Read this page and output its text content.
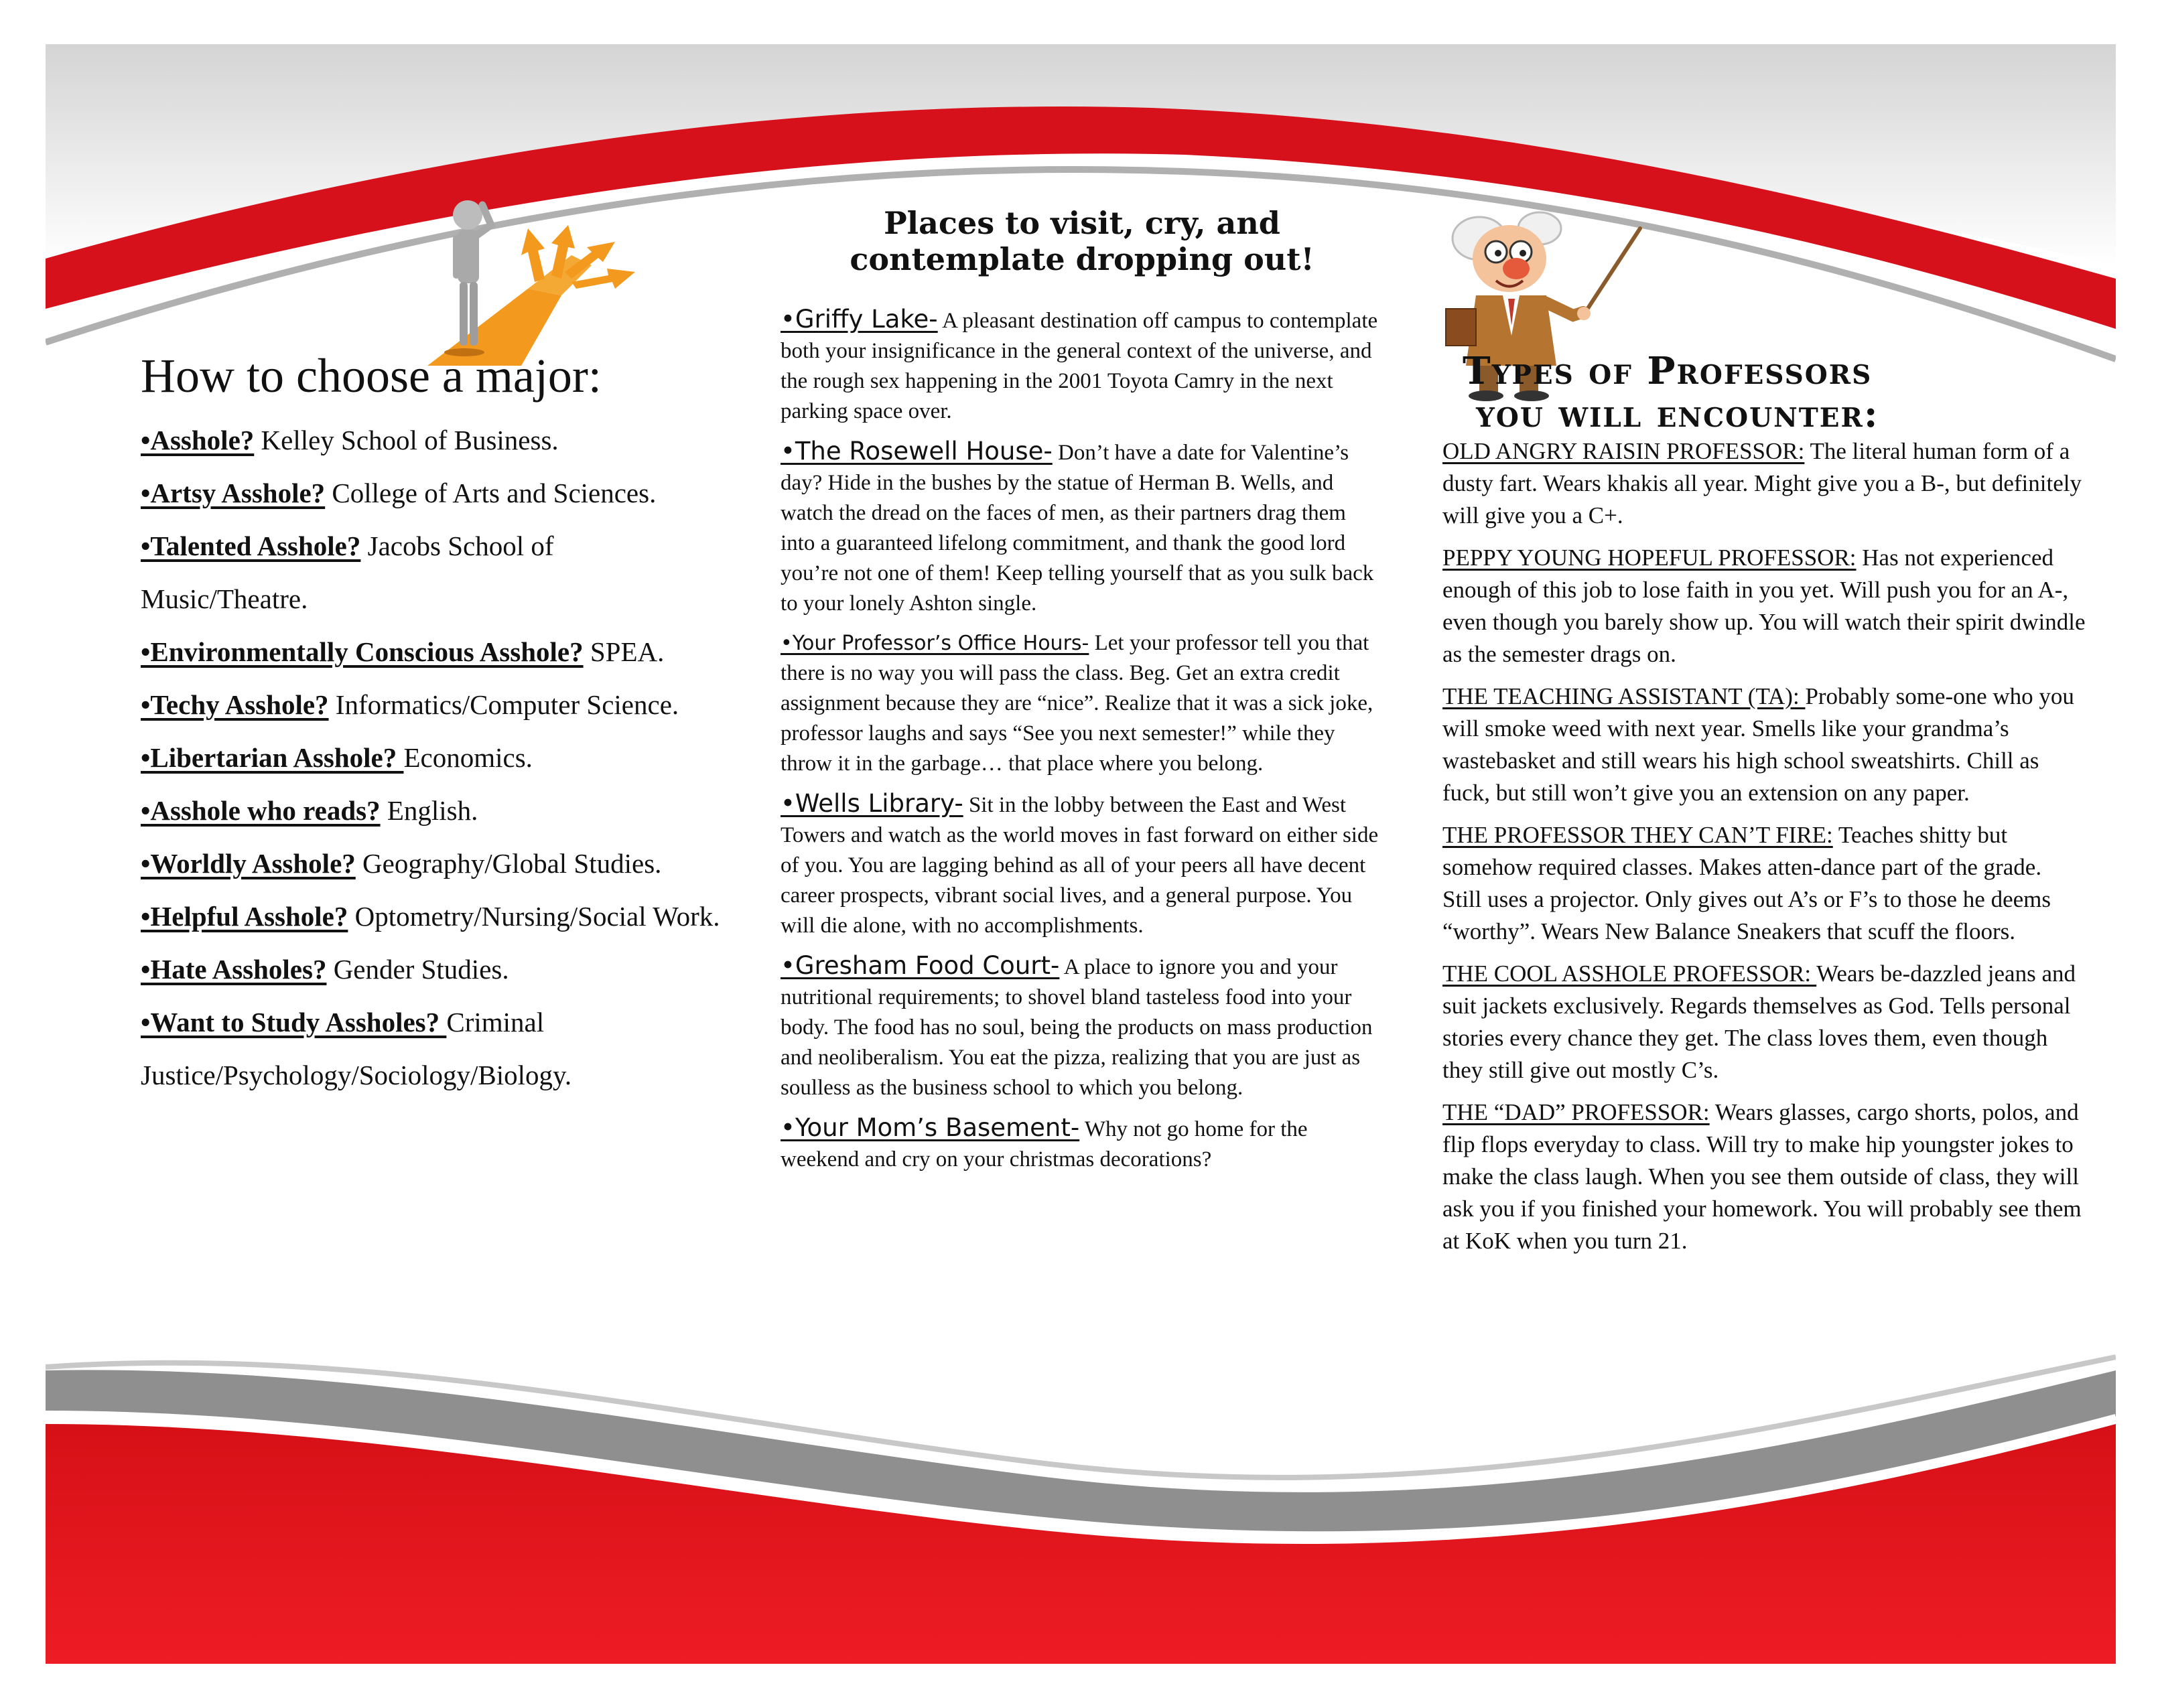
How to choose a major:
•Asshole? Kelley School of Business.
•Artsy Asshole? College of Arts and Sciences.
•Talented Asshole? Jacobs School of Music/Theatre.
•Environmentally Conscious Asshole? SPEA.
•Techy Asshole? Informatics/Computer Science.
•Libertarian Asshole? Economics.
•Asshole who reads? English.
•Worldly Asshole? Geography/Global Studies.
•Helpful Asshole? Optometry/Nursing/Social Work.
•Hate Assholes? Gender Studies.
•Want to Study Assholes? Criminal Justice/Psychology/Sociology/Biology.
Places to visit, cry, and
contemplate dropping out!
•Griffy Lake- A pleasant destination off campus to contemplate both your insignificance in the general context of the universe, and the rough sex happening in the 2001 Toyota Camry in the next parking space over.
•The Rosewell House- Don’t have a date for Valentine’s day? Hide in the bushes by the statue of Herman B. Wells, and watch the dread on the faces of men, as their partners drag them into a guaranteed lifelong commitment, and thank the good lord you’re not one of them! Keep telling yourself that as you sulk back to your lonely Ashton single.
•Your Professor’s Office Hours- Let your professor tell you that there is no way you will pass the class. Beg. Get an extra credit assignment because they are “nice”. Realize that it was a sick joke, professor laughs and says “See you next semester!” while they throw it in the garbage… that place where you belong.
•Wells Library- Sit in the lobby between the East and West Towers and watch as the world moves in fast forward on either side of you. You are lagging behind as all of your peers all have decent career prospects, vibrant social lives, and a general purpose. You will die alone, with no accomplishments.
•Gresham Food Court- A place to ignore you and your nutritional requirements; to shovel bland tasteless food into your body. The food has no soul, being the products on mass production and neoliberalism. You eat the pizza, realizing that you are just as soulless as the business school to which you belong.
•Your Mom’s Basement- Why not go home for the weekend and cry on your christmas decorations?
Types of Professors
you will encounter:
OLD ANGRY RAISIN PROFESSOR: The literal human form of a dusty fart. Wears khakis all year. Might give you a B-, but definitely will give you a C+.
PEPPY YOUNG HOPEFUL PROFESSOR: Has not experienced enough of this job to lose faith in you yet. Will push you for an A-, even though you barely show up. You will watch their spirit dwindle as the semester drags on.
THE TEACHING ASSISTANT (TA): Probably some-one who you will smoke weed with next year. Smells like your grandma’s wastebasket and still wears his high school sweatshirts. Chill as fuck, but still won’t give you an extension on any paper.
THE PROFESSOR THEY CAN’T FIRE: Teaches shitty but somehow required classes. Makes atten-dance part of the grade. Still uses a projector. Only gives out A’s or F’s to those he deems “worthy”. Wears New Balance Sneakers that scuff the floors.
THE COOL ASSHOLE PROFESSOR: Wears be-dazzled jeans and suit jackets exclusively. Regards themselves as God. Tells personal stories every chance they get. The class loves them, even though they still give out mostly C’s.
THE “DAD” PROFESSOR: Wears glasses, cargo shorts, polos, and flip flops everyday to class. Will try to make hip youngster jokes to make the class laugh. When you see them outside of class, they will ask you if you finished your homework. You will probably see them at KoK when you turn 21.
